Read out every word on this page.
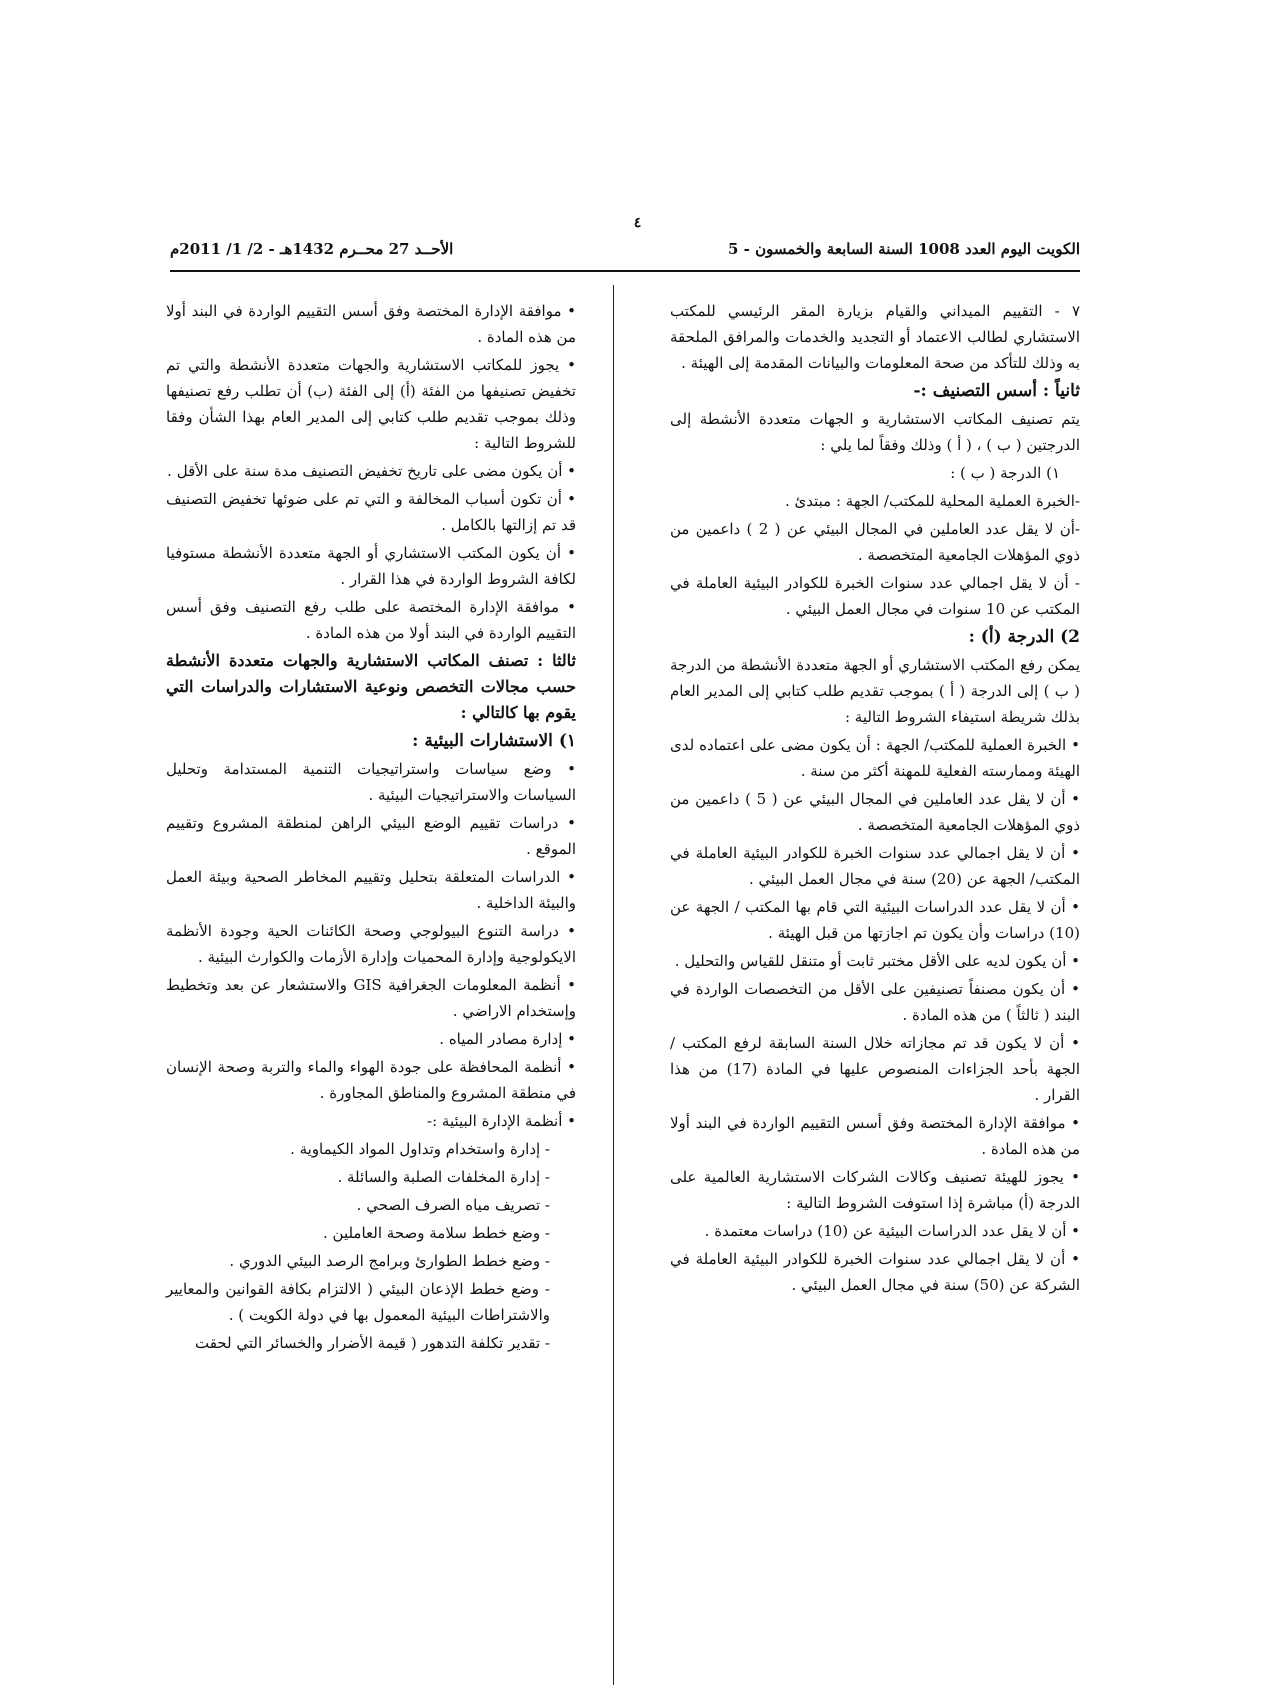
٤
الكويت اليوم العدد 1008 السنة السابعة والخمسون - 5
الأحــد 27 محــرم 1432هـ - 2/ 1/ 2011م

٧ - التقييم الميداني والقيام بزيارة المقر الرئيسي للمكتب الاستشاري لطالب الاعتماد أو التجديد والخدمات والمرافق الملحقة به وذلك للتأكد من صحة المعلومات والبيانات المقدمة إلى الهيئة .

ثانياً : أسس التصنيف :-

يتم تصنيف المكاتب الاستشارية و الجهات متعددة الأنشطة إلى الدرجتين ( ب ) ، ( أ ) وذلك وفقاً لما يلي :

١) الدرجة ( ب ) :

-الخبرة العملية المحلية للمكتب/ الجهة : مبتدئ .

-أن لا يقل عدد العاملين في المجال البيئي عن ( 2 ) داعمين من ذوي المؤهلات الجامعية المتخصصة .

- أن لا يقل اجمالي عدد سنوات الخبرة للكوادر البيئية العاملة في المكتب عن 10 سنوات في مجال العمل البيئي .

2) الدرجة (أ) :

يمكن رفع المكتب الاستشاري أو الجهة متعددة الأنشطة من الدرجة ( ب ) إلى الدرجة ( أ ) بموجب تقديم طلب كتابي إلى المدير العام بذلك شريطة استيفاء الشروط التالية :

• الخبرة العملية للمكتب/ الجهة : أن يكون مضى على اعتماده لدى الهيئة وممارسته الفعلية للمهنة أكثر من سنة .

• أن لا يقل عدد العاملين في المجال البيئي عن ( 5 ) داعمين من ذوي المؤهلات الجامعية المتخصصة .

• أن لا يقل اجمالي عدد سنوات الخبرة للكوادر البيئية العاملة في المكتب/ الجهة عن (20) سنة في مجال العمل البيئي .

• أن لا يقل عدد الدراسات البيئية التي قام بها المكتب / الجهة عن (10) دراسات وأن يكون تم اجازتها من قبل الهيئة .

• أن يكون لديه على الأقل مختبر ثابت أو متنقل للقياس والتحليل .

• أن يكون مصنفاً تصنيفين على الأقل من التخصصات الواردة في البند ( ثالثاً ) من هذه المادة .

• أن لا يكون قد تم مجازاته خلال السنة السابقة لرفع المكتب / الجهة بأحد الجزاءات المنصوص عليها في المادة (17) من هذا القرار .

• موافقة الإدارة المختصة وفق أسس التقييم الواردة في البند أولا من هذه المادة .

• يجوز للهيئة تصنيف وكالات الشركات الاستشارية العالمية على الدرجة (أ) مباشرة إذا استوفت الشروط التالية :

• أن لا يقل عدد الدراسات البيئية عن (10) دراسات معتمدة .

• أن لا يقل اجمالي عدد سنوات الخبرة للكوادر البيئية العاملة في الشركة عن (50) سنة في مجال العمل البيئي .

• موافقة الإدارة المختصة وفق أسس التقييم الواردة في البند أولا من هذه المادة .

• يجوز للمكاتب الاستشارية والجهات متعددة الأنشطة والتي تم تخفيض تصنيفها من الفئة (أ) إلى الفئة (ب) أن تطلب رفع تصنيفها وذلك بموجب تقديم طلب كتابي إلى المدير العام بهذا الشأن وفقا للشروط التالية :

• أن يكون مضى على تاريخ تخفيض التصنيف مدة سنة على الأقل .

• أن تكون أسباب المخالفة و التي تم على ضوئها تخفيض التصنيف قد تم إزالتها بالكامل .

• أن يكون المكتب الاستشاري أو الجهة متعددة الأنشطة مستوفيا لكافة الشروط الواردة في هذا القرار .

• موافقة الإدارة المختصة على طلب رفع التصنيف وفق أسس التقييم الواردة في البند أولا من هذه المادة .

ثالثا : تصنف المكاتب الاستشارية والجهات متعددة الأنشطة حسب مجالات التخصص ونوعية الاستشارات والدراسات التي يقوم بها كالتالي :

١) الاستشارات البيئية :

• وضع سياسات واستراتيجيات التنمية المستدامة وتحليل السياسات والاستراتيجيات البيئية .

• دراسات تقييم الوضع البيئي الراهن لمنطقة المشروع وتقييم الموقع .

• الدراسات المتعلقة بتحليل وتقييم المخاطر الصحية وبيئة العمل والبيئة الداخلية .

• دراسة التنوع البيولوجي وصحة الكائنات الحية وجودة الأنظمة الايكولوجية وإدارة المحميات وإدارة الأزمات والكوارث البيئية .

• أنظمة المعلومات الجغرافية GIS والاستشعار عن بعد وتخطيط وإستخدام الاراضي .

• إدارة مصادر المياه .

• أنظمة المحافظة على جودة الهواء والماء والتربة وصحة الإنسان في منطقة المشروع والمناطق المجاورة .

• أنظمة الإدارة البيئية :-

- إدارة واستخدام وتداول المواد الكيماوية .

- إدارة المخلفات الصلبة والسائلة .

- تصريف مياه الصرف الصحي .

- وضع خطط سلامة وصحة العاملين .

- وضع خطط الطوارئ وبرامج الرصد البيئي الدوري .

- وضع خطط الإذعان البيئي ( الالتزام بكافة القوانين والمعايير والاشتراطات البيئية المعمول بها في دولة الكويت ) .

- تقدير تكلفة التدهور ( قيمة الأضرار والخسائر التي لحقت
